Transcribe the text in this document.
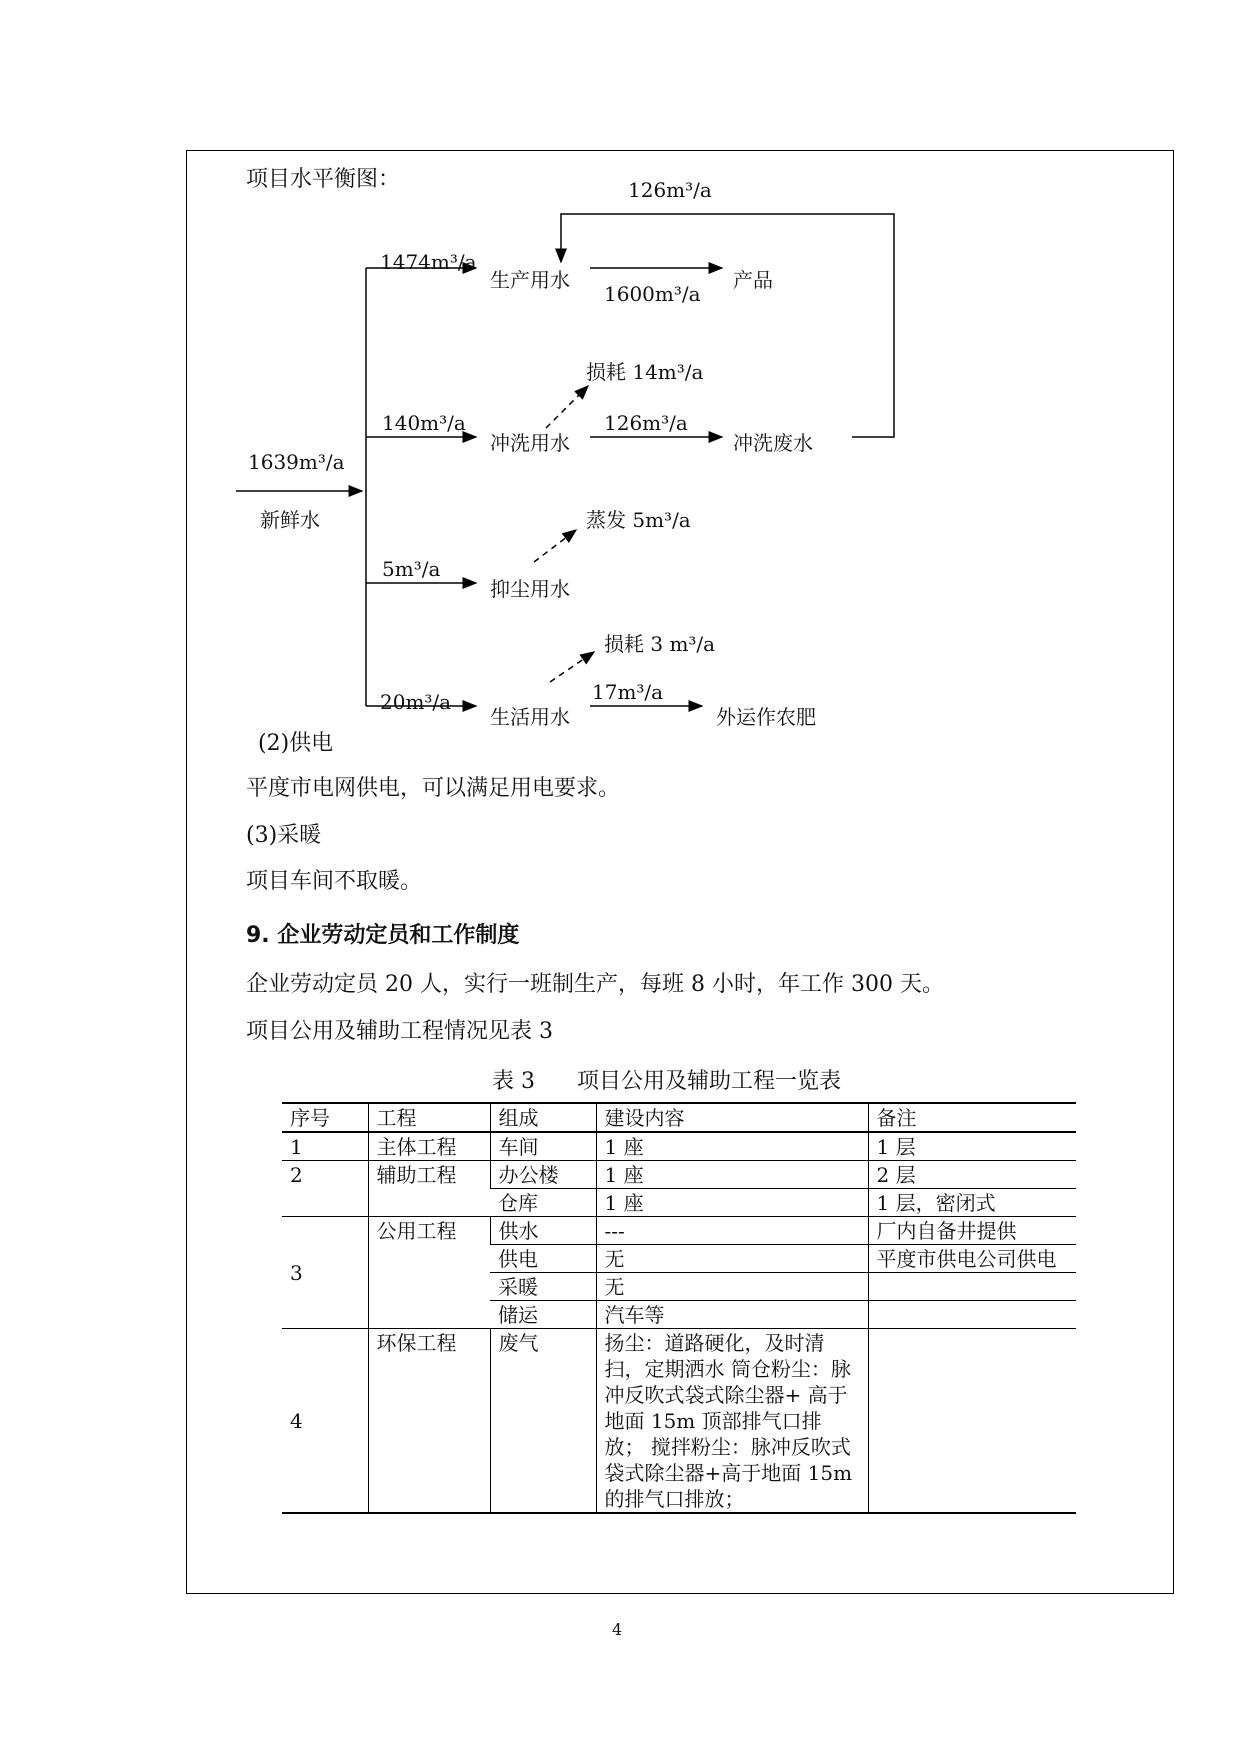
项目水平衡图：	126m³/a
1474m³/a
生产用水	产品
1600m³/a
损耗 14m³/a
140m³/a	126m³/a
冲洗用水	冲洗废水
1639m³/a
新鲜水	蒸发 5m³/a
5m³/a
抑尘用水
损耗 3 m³/a
17m³/a
20m³/a
生活用水	外运作农肥
(2)供电
平度市电网供电，可以满足用电要求。
(3)采暖
项目车间不取暖。
9. 企业劳动定员和工作制度
企业劳动定员 20 人，实行一班制生产，每班 8 小时，年工作 300 天。
项目公用及辅助工程情况见表 3
表 3      项目公用及辅助工程一览表
序号	工程	组成	建设内容	备注
1	主体工程	车间	1 座	1 层
2	辅助工程	办公楼	1 座	2 层
		仓库	1 座	1 层，密闭式
3	公用工程	供水	---	厂内自备井提供
		供电	无	平度市供电公司供电
		采暖	无	
		储运	汽车等	
4	环保工程	废气	扬尘：道路硬化，及时清扫，定期洒水 筒仓粉尘：脉冲反吹式袋式除尘器+ 高于地面 15m 顶部排气口排放； 搅拌粉尘：脉冲反吹式袋式除尘器+高于地面 15m 的排气口排放；	
4
